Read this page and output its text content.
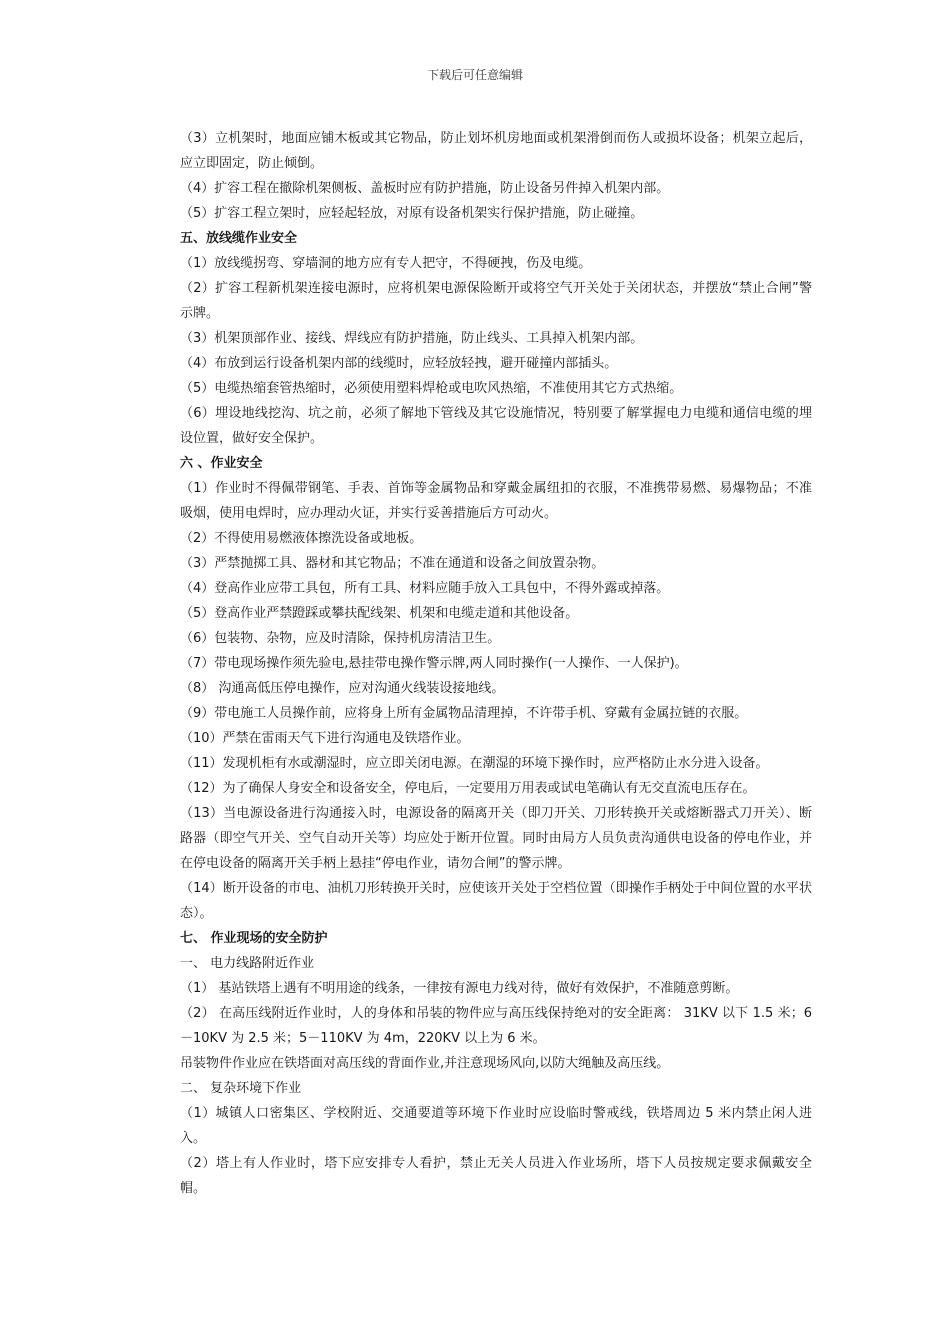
下载后可任意编辑

（3）立机架时，地面应铺木板或其它物品，防止划坏机房地面或机架滑倒而伤人或损坏设备；机架立起后，应立即固定，防止倾倒。

（4）扩容工程在撤除机架侧板、盖板时应有防护措施，防止设备另件掉入机架内部。

（5）扩容工程立架时，应轻起轻放，对原有设备机架实行保护措施，防止碰撞。

五、放线缆作业安全

（1）放线缆拐弯、穿墙洞的地方应有专人把守，不得硬拽，伤及电缆。

（2）扩容工程新机架连接电源时，应将机架电源保险断开或将空气开关处于关闭状态，并摆放“禁止合闸”警示牌。

（3）机架顶部作业、接线、焊线应有防护措施，防止线头、工具掉入机架内部。

（4）布放到运行设备机架内部的线缆时，应轻放轻拽，避开碰撞内部插头。

（5）电缆热缩套管热缩时，必须使用塑料焊枪或电吹风热缩，不准使用其它方式热缩。

（6）埋设地线挖沟、坑之前，必须了解地下管线及其它设施情况，特别要了解掌握电力电缆和通信电缆的埋设位置，做好安全保护。

六 、作业安全

（1）作业时不得佩带钢笔、手表、首饰等金属物品和穿戴金属纽扣的衣服，不准携带易燃、易爆物品；不准吸烟，使用电焊时，应办理动火证，并实行妥善措施后方可动火。

（2）不得使用易燃液体擦洗设备或地板。

（3）严禁抛掷工具、器材和其它物品；不准在通道和设备之间放置杂物。

（4）登高作业应带工具包，所有工具、材料应随手放入工具包中，不得外露或掉落。

（5）登高作业严禁蹬踩或攀扶配线架、机架和电缆走道和其他设备。

（6）包装物、杂物，应及时清除，保持机房清洁卫生。

（7）带电现场操作须先验电,悬挂带电操作警示牌,两人同时操作(一人操作、一人保护)。

（8） 沟通高低压停电操作，应对沟通火线装设接地线。

（9）带电施工人员操作前，应将身上所有金属物品清理掉，不许带手机、穿戴有金属拉链的衣服。

（10）严禁在雷雨天气下进行沟通电及铁塔作业。

（11）发现机柜有水或潮湿时，应立即关闭电源。在潮湿的环境下操作时，应严格防止水分进入设备。

（12）为了确保人身安全和设备安全，停电后，一定要用万用表或试电笔确认有无交直流电压存在。

（13）当电源设备进行沟通接入时，电源设备的隔离开关（即刀开关、刀形转换开关或熔断器式刀开关）、断路器（即空气开关、空气自动开关等）均应处于断开位置。同时由局方人员负责沟通供电设备的停电作业，并在停电设备的隔离开关手柄上悬挂“停电作业，请勿合闸”的警示牌。

（14）断开设备的市电、油机刀形转换开关时，应使该开关处于空档位置（即操作手柄处于中间位置的水平状态）。

七、 作业现场的安全防护

一、 电力线路附近作业

（1） 基站铁塔上遇有不明用途的线条，一律按有源电力线对待，做好有效保护，不准随意剪断。

（2） 在高压线附近作业时，人的身体和吊装的物件应与高压线保持绝对的安全距离： 31KV 以下 1.5 米；6－10KV 为 2.5 米；5－110KV 为 4m，220KV 以上为 6 米。

吊装物件作业应在铁塔面对高压线的背面作业,并注意现场风向,以防大绳触及高压线。

二、 复杂环境下作业

（1）城镇人口密集区、学校附近、交通要道等环境下作业时应设临时警戒线，铁塔周边 5 米内禁止闲人进入。

（2）塔上有人作业时，塔下应安排专人看护，禁止无关人员进入作业场所，塔下人员按规定要求佩戴安全帽。
